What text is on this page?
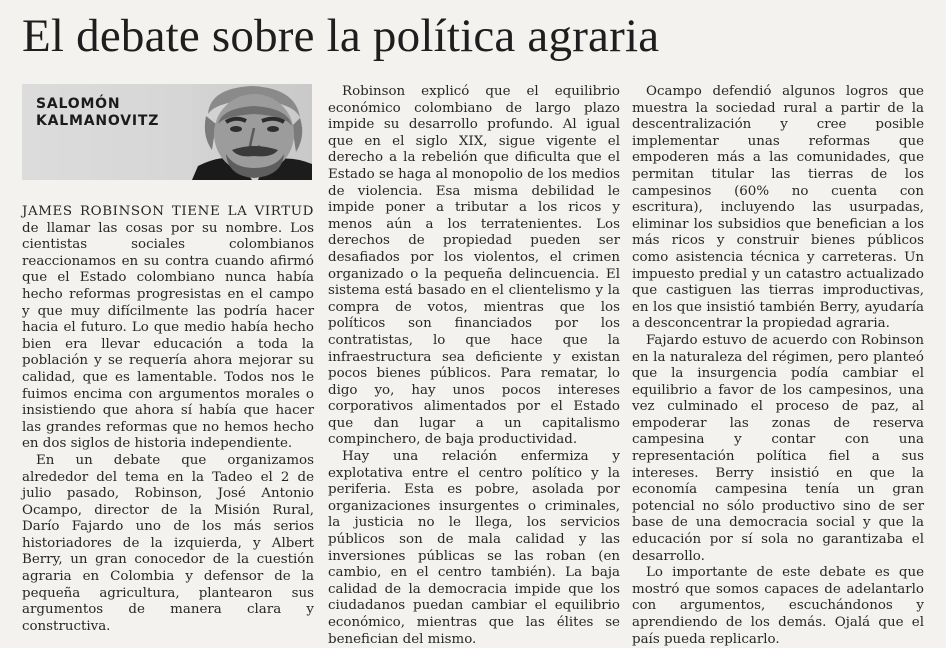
El debate sobre la política agraria
SALOMÓN
KALMANOVITZ

JAMES ROBINSON TIENE LA VIRTUD de llamar las cosas por su nombre. Los cientistas sociales colombianos reaccionamos en su contra cuando afirmó que el Estado colombiano nunca había hecho reformas progresistas en el campo y que muy difícilmente las podría hacer hacia el futuro. Lo que medio había hecho bien era llevar educación a toda la población y se requería ahora mejorar su calidad, que es lamentable. Todos nos le fuimos encima con argumentos morales o insistiendo que ahora sí había que hacer las grandes reformas que no hemos hecho en dos siglos de historia independiente.

En un debate que organizamos alrededor del tema en la Tadeo el 2 de julio pasado, Robinson, José Antonio Ocampo, director de la Misión Rural, Darío Fajardo uno de los más serios historiadores de la izquierda, y Albert Berry, un gran conocedor de la cuestión agraria en Colombia y defensor de la pequeña agricultura, plantearon sus argumentos de manera clara y constructiva.

Robinson explicó que el equilibrio económico colombiano de largo plazo impide su desarrollo profundo. Al igual que en el siglo XIX, sigue vigente el derecho a la rebelión que dificulta que el Estado se haga al monopolio de los medios de violencia. Esa misma debilidad le impide poner a tributar a los ricos y menos aún a los terratenientes. Los derechos de propiedad pueden ser desafiados por los violentos, el crimen organizado o la pequeña delincuencia. El sistema está basado en el clientelismo y la compra de votos, mientras que los políticos son financiados por los contratistas, lo que hace que la infraestructura sea deficiente y existan pocos bienes públicos. Para rematar, lo digo yo, hay unos pocos intereses corporativos alimentados por el Estado que dan lugar a un capitalismo compinchero, de baja productividad.

Hay una relación enfermiza y explotativa entre el centro político y la periferia. Esta es pobre, asolada por organizaciones insurgentes o criminales, la justicia no le llega, los servicios públicos son de mala calidad y las inversiones públicas se las roban (en cambio, en el centro también). La baja calidad de la democracia impide que los ciudadanos puedan cambiar el equilibrio económico, mientras que las élites se benefician del mismo.

Ocampo defendió algunos logros que muestra la sociedad rural a partir de la descentralización y cree posible implementar unas reformas que empoderen más a las comunidades, que permitan titular las tierras de los campesinos (60% no cuenta con escritura), incluyendo las usurpadas, eliminar los subsidios que benefician a los más ricos y construir bienes públicos como asistencia técnica y carreteras. Un impuesto predial y un catastro actualizado que castiguen las tierras improductivas, en los que insistió también Berry, ayudaría a desconcentrar la propiedad agraria.

Fajardo estuvo de acuerdo con Robinson en la naturaleza del régimen, pero planteó que la insurgencia podía cambiar el equilibrio a favor de los campesinos, una vez culminado el proceso de paz, al empoderar las zonas de reserva campesina y contar con una representación política fiel a sus intereses. Berry insistió en que la economía campesina tenía un gran potencial no sólo productivo sino de ser base de una democracia social y que la educación por sí sola no garantizaba el desarrollo.

Lo importante de este debate es que mostró que somos capaces de adelantarlo con argumentos, escuchándonos y aprendiendo de los demás. Ojalá que el país pueda replicarlo.
